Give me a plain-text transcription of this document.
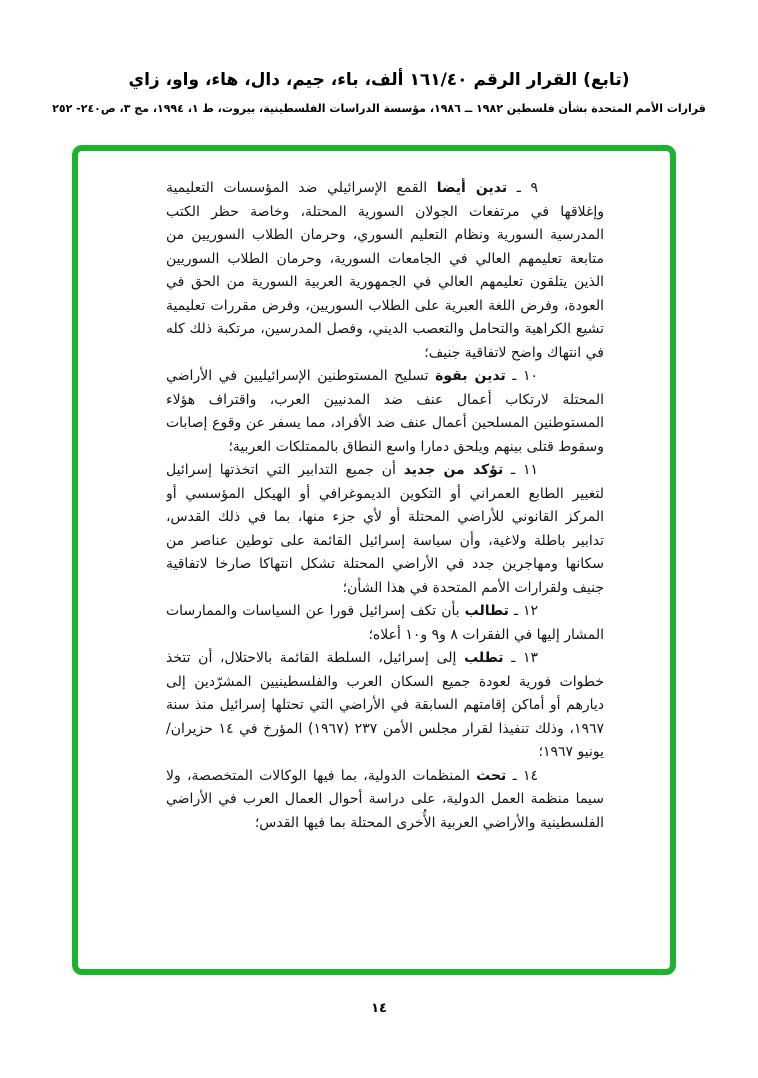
(تابع) القرار الرقم ١٦١/٤٠ ألف، باء، جيم، دال، هاء، واو، زاي
قرارات الأمم المتحدة بشأن فلسطين ١٩٨٢ ــ ١٩٨٦، مؤسسة الدراسات الفلسطينية، بيروت، ط ١، ١٩٩٤، مج ٣، ص٢٤٠- ٢٥٢

٩ ـ تدين أيضا القمع الإسرائيلي ضد المؤسسات التعليمية وإغلاقها في مرتفعات الجولان السورية المحتلة، وخاصة حظر الكتب المدرسية السورية ونظام التعليم السوري، وحرمان الطلاب السوريين من متابعة تعليمهم العالي في الجامعات السورية، وحرمان الطلاب السوريين الذين يتلقون تعليمهم العالي في الجمهورية العربية السورية من الحق في العودة، وفرض اللغة العبرية على الطلاب السوريين، وفرض مقررات تعليمية تشيع الكراهية والتحامل والتعصب الديني، وفصل المدرسين، مرتكبة ذلك كله في انتهاك واضح لاتفاقية جنيف؛

١٠ ـ تدين بقوة تسليح المستوطنين الإسرائيليين في الأراضي المحتلة لارتكاب أعمال عنف ضد المدنيين العرب، واقتراف هؤلاء المستوطنين المسلحين أعمال عنف ضد الأفراد، مما يسفر عن وقوع إصابات وسقوط قتلى بينهم ويلحق دمارا واسع النطاق بالممتلكات العربية؛

١١ ـ تؤكد من جديد أن جميع التدابير التي اتخذتها إسرائيل لتغيير الطابع العمراني أو التكوين الديموغرافي أو الهيكل المؤسسي أو المركز القانوني للأراضي المحتلة أو لأي جزء منها، بما في ذلك القدس، تدابير باطلة ولاغية، وأن سياسة إسرائيل القائمة على توطين عناصر من سكانها ومهاجرين جدد في الأراضي المحتلة تشكل انتهاكا صارخا لاتفاقية جنيف ولقرارات الأمم المتحدة في هذا الشأن؛

١٢ ـ تطالب بأن تكف إسرائيل فورا عن السياسات والممارسات المشار إليها في الفقرات ٨ و٩ و١٠ أعلاه؛

١٣ ـ تطلب إلى إسرائيل، السلطة القائمة بالاحتلال، أن تتخذ خطوات فورية لعودة جميع السكان العرب والفلسطينيين المشرّدين إلى ديارهم أو أماكن إقامتهم السابقة في الأراضي التي تحتلها إسرائيل منذ سنة ١٩٦٧، وذلك تنفيذا لقرار مجلس الأمن ٢٣٧ (١٩٦٧) المؤرخ في ١٤ حزيران/يونيو ١٩٦٧؛

١٤ ـ تحث المنظمات الدولية، بما فيها الوكالات المتخصصة، ولا سيما منظمة العمل الدولية، على دراسة أحوال العمال العرب في الأراضي الفلسطينية والأراضي العربية الأُخرى المحتلة بما فيها القدس؛

١٤
